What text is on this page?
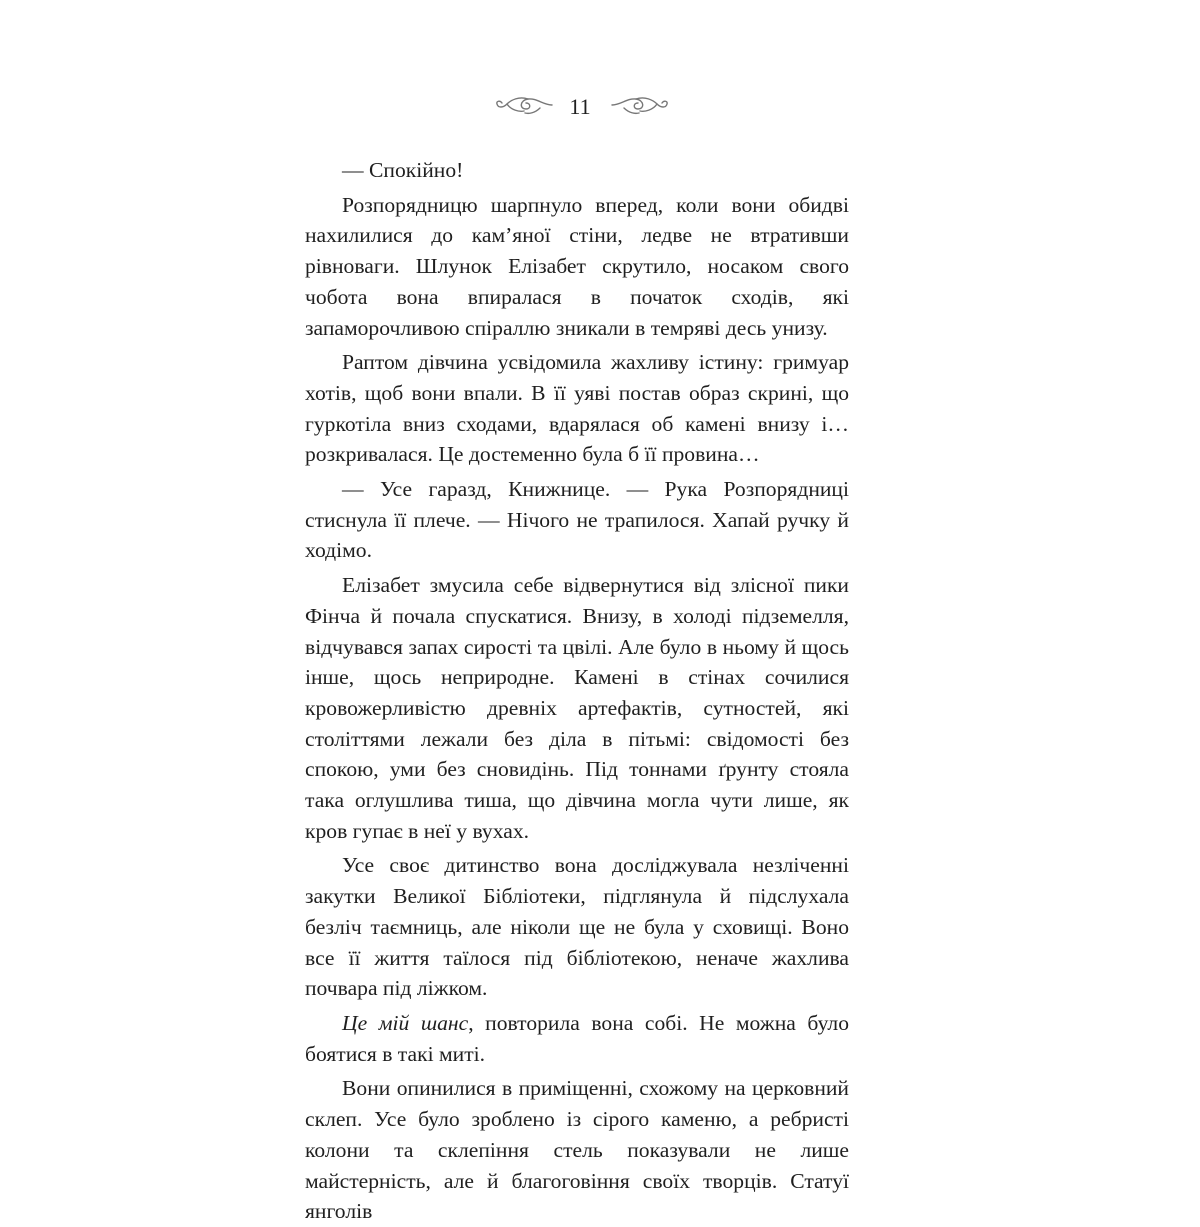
11

— Спокійно!

Розпорядницю шарпнуло вперед, коли вони обидві нахилилися до кам’яної стіни, ледве не втративши рівноваги. Шлунок Елізабет скрутило, носаком свого чобота вона впиралася в початок сходів, які запаморочливою спіраллю зникали в темряві десь унизу.

Раптом дівчина усвідомила жахливу істину: гримуар хотів, щоб вони впали. В її уяві постав образ скрині, що гуркотіла вниз сходами, вдарялася об камені внизу і… розкривалася. Це достеменно була б її провина…

— Усе гаразд, Книжнице. — Рука Розпорядниці стиснула її плече. — Нічого не трапилося. Хапай ручку й ходімо.

Елізабет змусила себе відвернутися від злісної пики Фінча й почала спускатися. Внизу, в холоді підземелля, відчувався запах сирості та цвілі. Але було в ньому й щось інше, щось неприродне. Камені в стінах сочилися кровожерливістю древніх артефактів, сутностей, які століттями лежали без діла в пітьмі: свідомості без спокою, уми без сновидінь. Під тоннами ґрунту стояла така оглушлива тиша, що дівчина могла чути лише, як кров гупає в неї у вухах.

Усе своє дитинство вона досліджувала незліченні закутки Великої Бібліотеки, підглянула й підслухала безліч таємниць, але ніколи ще не була у сховищі. Воно все її життя таїлося під бібліотекою, неначе жахлива почвара під ліжком.

Це мій шанс, повторила вона собі. Не можна було боятися в такі миті.

Вони опинилися в приміщенні, схожому на церковний склеп. Усе було зроблено із сірого каменю, а ребристі колони та склепіння стель показували не лише майстерність, але й благоговіння своїх творців. Статуї янголів
